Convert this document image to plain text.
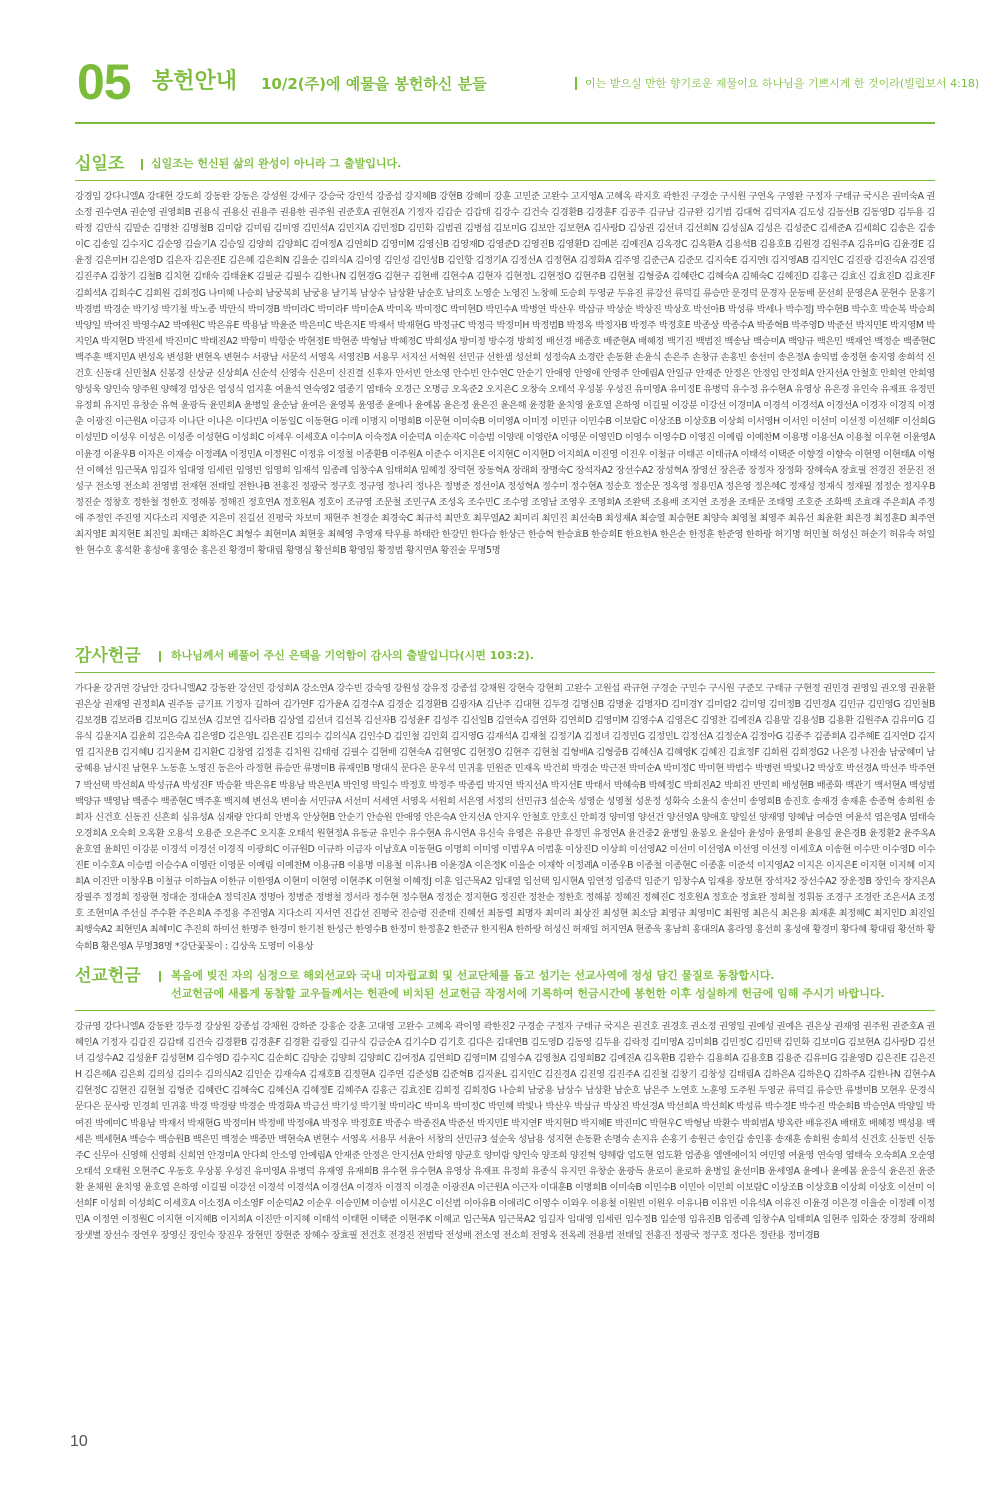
05 봉헌안내 10/2(주)에 예물을 봉헌하신 분들	이는 받으실 만한 향기로운 제물이요 하나님을 기쁘시게 한 것이라(빌립보서 4:18)
십일조 십일조는 헌신된 삶의 완성이 아니라 그 출발입니다.
강경임 강다니엘A 강대현 강도희 강동완 강동은 강성원 강세구 강승국 강인석 강종섭 강지혜B 강현B 강혜미 강훈 고민준 고완수 고지영A 고혜옥 곽지호 곽한진 구경순 구시원 구연옥 구영완 구정자 구태규 국시은 권미숙A 권소정 권수연A 권순영 권영희B 권용식 권용신 권용주 권용한 권주원 권준호A 권현진A 기정자 김갑순 김갑태 김강수 김건숙 김경환B 김경훈F 김공주 김규남 김규완 김기범 김대혁 김덕자A 김도성 김동선B 김동영D 김두용 김락정 김만식 김말순 김명찬 김명철B 김미람 김미림 김미영 김민석A 김민지A 김민정D 김민화 김범권 김병섭 김보미G 김보안 김보현A 김사랑D 김상권 김선녀 김선희N 김성실A 김성은 김성준C 김세준A 김세희C 김송은 김송이C 김송일 김수지C 김순영 김슬기A 김승일 김양희 김양희C 김여정A 김연희D 김영미M 김영신B 김영재D 김영준D 김영진B 김영환D 김예본 김예진A 김옥경C 김옥환A 김용석B 김용호B 김원경 김원주A 김유미G 김윤경E 김윤정 김은미H 김은영D 김은자 김은진E 김은혜 김은희N 김을순 김의식A 김이영 김인성 김인성B 김인항 김정기A 김정선A 김정현A 김정화A 김주영 김준근A 김준모 김지숙E 김지연I 김지영AB 김지인C 김진광 김진숙A 김진영 김진주A 김창기 김철B 김치현 김태숙 김태윤K 김필균 김필수 김한나N 김현경G 김현구 김현배 김현수A 김현자 김현정L 김현정O 김현주B 김현철 김형중A 김혜란C 김혜숙A 김혜숙C 김혜진D 김홍근 김효신 김효진D 김효진F 김희석A 김희수C 김희원 김희정G 나미혜 나승희 남궁복희 남궁용 남기복 남상수 남상환 남순호 남의호 노영순 노영진 노창혜 도승희 두영균 두유진 류강선 류덕길 류승만 문경덕 문경자 문동배 문선희 문영은A 문현수 문홍기 박경범 박경순 박기성 박기철 박노종 박만식 박미경B 박미라C 박미라F 박미순A 박미옥 박미정C 박미현D 박민수A 박병연 박산우 박삼규 박상순 박상진 박상호 박선아B 박성류 박세나 박수정J 박수현B 박수호 박순복 박승희 박양일 박여진 박영수A2 박예원C 박은유E 박용남 박윤준 박은미C 박은지E 박재서 박재현G 박정규C 박정극 박정미H 박정범B 박정옥 박정자B 박정주 박정호E 박종상 박종수A 박종혁B 박주영D 박준선 박지민E 박지영M 박지인A 박지현D 박진세 박진미C 박태진A2 박항미 박항순 박현정E 박현종 박형남 박혜정C 박희성A 방미정 방수경 방희정 배선경 배종호 배준현A 배혜정 백기진 백범진 백송남 백승미A 백양규 백은민 백재언 백정순 백종현C 백주훈 백지민A 변성옥 변성환 변현옥 변현수 서광남 서문석 서영옥 서영진B 서용무 서지선 서혁원 선민규 선한샘 성선희 성정숙A 소경란 손동환 손윤식 손은주 손창규 손홍빈 송선미 송은정A 송익범 송정현 송지영 송희석 신건호 신동대 신민철A 신봉경 신상균 신상희A 신순석 신영숙 신은미 신진결 신후자 안서빈 안소영 안수빈 안수연C 안순기 안애영 안영애 안영주 안예림A 안일규 안재준 안정은 안정임 안정희A 안지선A 안철호 안희연 안희영 양성욱 양인숙 양주원 양해경 엄상은 엄성식 엄지훈 여윤석 연숙영2 염종기 염태숙 오경근 오명금 오옥준2 오지은C 오창숙 오태석 우성봉 우성진 유미영A 유미정E 유병덕 유수정 유수현A 유영상 유은경 유인숙 유재표 유정민 유정희 유지민 유창순 유혁 윤광득 윤민희A 윤병일 윤순남 윤여은 윤영복 윤영종 윤예나 윤예봄 윤은정 윤은진 윤은해 윤정환 윤치영 윤호열 은하영 이길필 이강분 이강선 이경미A 이경석 이경석A 이경선A 이경자 이경직 이경춘 이광진 이근원A 이금자 이나단 이나은 이다빈A 이동일C 이동현G 이레 이명지 이명희B 이문현 이미숙B 이미영A 이미정 이민규 이민수B 이보람C 이상조B 이상호B 이상희 이서영H 이서인 이선미 이선정 이선해F 이선희G 이성민D 이성우 이성은 이성종 이성현G 이성희C 이세우 이세호A 이수미A 이숙정A 이순덕A 이순자C 이승범 이양래 이영란A 이영문 이영민D 이영수 이영수D 이영진 이예림 이예찬M 이용명 이용선A 이용철 이우현 이윤영A 이윤경 이윤우B 이자은 이재승 이정례A 이정민A 이정원C 이정유 이정철 이종환B 이주원A 이준수 이지은E 이지현C 이지현D 이지희A 이진영 이진우 이철규 이태곤 이태규A 이태석 이택준 이향경 이향숙 이현영 이현태A 이형선 이혜선 임근묵A 임길자 임대영 임세린 임영빈 임영희 임재석 임종례 임창수A 임태희A 임혜정 장덕현 장동혁A 장래희 장명숙C 장석자A2 장선수A2 장성혁A 장영선 장은종 장정자 장정화 장혜숙A 장효필 전경진 전문진 전성구 전소영 전소희 전영범 전재현 전태일 전한나B 전홍진 정광국 정구호 정규영 정나리 정나은 정병준 정선이A 정성혁A 정수미 정수현A 정순호 정순문 정옥영 정용민A 정은영 정은혜C 정재성 정재식 정재필 정정순 정지우B 정진순 정창호 정한철 정한호 정해봉 정해진 정호연A 정호원A 정호이 조규영 조문철 조민구A 조성옥 조수민C 조수영 조영남 조영우 조영희A 조완택 조용배 조지연 조정윤 조태문 조태영 조호준 조화백 조효래 주은희A 주정애 주정인 주진영 지다소리 지영준 지은미 진길선 진평국 차보미 채현주 천경순 최경숙C 최규석 최만호 최무열A2 최미리 최민진 최선숙B 최성재A 최승열 최승현E 최양숙 최영철 최영주 최유선 최윤환 최은경 최정훈D 최주연 최지영E 최지현E 최진일 최태근 최하은C 최형수 최현미A 최현웅 최혜영 추영재 탁우룡 하태란 한강민 한다슴 한상근 한승혁 한승효B 한승희E 한요한A 한은순 한정훈 한준영 한하랑 허기명 허민철 허성신 허순기 허유숙 허일한 현수호 홍석환 홍성애 홍영순 홍은진 황경미 황대림 황명심 황선희B 황영임 황정범 황지연A 황진술 무명5명
감사헌금	하나님께서 베풀어 주신 은택을 기억함이 감사의 출발입니다(시편 103:2).
가다윤 강귀연 강남안 강다니엘A2 강동완 강선민 강성희A 강소연A 강수빈 강숙영 강원성 강유정 강종섭 강채원 강현숙 강현희 고완수 고원섭 곽규현 구경순 구민수 구시원 구준모 구태규 구현정 권민경 권영일 권오영 권윤환 권은상 권재영 권정희A 권주동 금기표 기정자 길하여 김가연F 김가윤A 김경수A 김경순 김경환B 김광자A 김난주 김대현 김두경 김명신B 김명윤 김명자D 김미경Y 김미람2 김미영 김미정B 김민경A 김민규 김민영G 김민철B 김보경B 김보라B 김보미G 김보선A 김보연 김사라B 김상열 김선녀 김선복 김선자B 김성윤F 김성주 김신일B 김연숙A 김연화 김연희D 김영미M 김영수A 김영은C 김영찬 김예진A 김용말 김용성B 김용환 김원주A 김유미G 김유식 김윤지A 김윤희 김은숙A 김은영D 김은영L 김은진E 김의수 김의식A 김인수D 김인철 김인회 김지영G 김재석A 김재철 김정기A 김정녀 김정민G 김정민L 김정선A 김정순A 김정아G 김종주 김종희A 김주혜E 김지연D 김지엽 김지운B 김지혜U 김지윤M 김지환C 김창엽 김정훈 김치원 김태령 김필수 김현배 김현숙A 김현영C 김현정O 김현주 김현철 김형배A 김형중B 김혜신A 김혜영K 김혜진 김효정F 김희원 김희정G2 나은정 나진솔 남궁혜미 남궁혜용 남시진 남현우 노동훈 노영진 동은아 라정현 류승만 류명미B 류재민B 명대식 문다은 문우석 민귀홍 민원준 민재옥 박건희 박경순 박근전 박미순A 박미정C 박미현 박범수 박병련 박빛나2 박상호 박선경A 박선주 박주연7 박선택 박선희A 박성규A 박성진F 박승환 박은유E 박용남 박은빈A 박인영 박일수 박정호 박정주 박종립 박지연 박지선A 박지선E 박태서 박혜숙B 박혜정C 박희진A2 박희진 반민희 배성현B 배종화 백관기 백서현A 백성범 백양규 백영남 백종수 백종현C 백주훈 백지혜 변선옥 변이솔 서민규A 서선미 서세연 서영옥 서원희 서은영 서정의 선민규3 설순욱 성영순 성영철 성운정 성화숙 소윤식 송선미 송영희B 송진호 송재경 송재훈 송종혁 송희원 송희자 신건호 신동진 신흔희 심유성A 심재량 안다희 안병옥 안상현B 안순기 안승원 안애영 안은숙A 안지선A 안지우 안철호 안호신 안희경 양미영 양선건 양선영A 양애호 양일선 양재영 양혜남 여승연 여윤석 염은영A 염태숙 오경희A 오숙희 오옥환 오용석 오용준 오은주C 오지훈 오태석 원현정A 유동균 유민수 유수현A 유시연A 유신숙 유영은 유용만 유정민 유정연A 윤건중2 윤병일 윤봉오 윤설아 윤성아 윤영희 윤용일 윤은경B 윤정환2 윤주옥A 윤호열 윤희민 이강분 이경석 이경선 이경직 이광희C 이규원D 이규하 이금자 이남호A 이동현G 이명희 이미영 이범우A 이범훈 이상진D 이상희 이선영A2 이선미 이선영A 이선영 이선정 이세호A 이송현 이수만 이수영D 이수진E 이수호A 이승범 이승수A 이영란 이영문 이예림 이예찬M 이용규B 이용명 이용철 이유나B 이윤경A 이은정K 이을순 이재학 이정례A 이종우B 이종철 이종현C 이종훈 이준석 이지영A2 이지은 이지은E 이지현 이지혜 이지희A 이진만 이창우B 이철규 이하늘A 이한규 이한영A 이현미 이현영 이현주K 이현철 이혜정J 이훈 임근묵A2 임대열 임선택 임시현A 임연정 임종덕 임준기 임창수A 임재용 장보현 장석자2 장선수A2 장운정B 장인숙 장지은A 장필주 정경희 정광현 정대순 정대순A 정덕진A 정명아 정병준 정병철 정서라 정수현 정수현A 정정순 정지현G 정진란 정찬순 정한호 정해봉 정혜진 정혜진C 정호원A 정호순 정효완 정희철 정휘동 조경구 조경란 조은서A 조정호 조현미A 주선실 주수환 주은희A 주정용 주진영A 지다소리 지서연 진갑선 진평국 진승령 진준태 진혜선 최동렬 최명자 최미리 최상진 최성현 최소담 최영규 최영미C 최원영 최은식 최은용 최재훈 최정혜C 최지인D 최진일 최행숙A2 최현민A 최혜미C 추진희 하미선 한명주 한경미 한기천 한성근 한영수B 한정미 한정훈2 한준규 한지원A 한하랑 허성신 허재일 허지연A 현종욱 홍남희 홍대의A 홍라영 홍선희 홍성애 황경미 황다혜 황대림 황선하 황숙희B 황은영A 무명38명 *강단꽃꽂이 : 김상욱 도영미 이용상
선교헌금	복음에 빚진 자의 심정으로 해외선교와 국내 미자립교회 및 선교단체를 돕고 섬기는 선교사역에 정성 담긴 물질로 동참합시다.
선교헌금에 새롭게 동참할 교우들께서는 헌관에 비치된 선교헌금 작정서에 기록하여 헌금시간에 봉헌한 이후 성실하게 헌금에 임해 주시기 바랍니다.
강규영 강다니엘A 강동완 강두경 강상원 강종섭 강채원 강하준 강홍순 강훈 고대영 고완수 고혜옥 곽이영 곽한진2 구경순 구정자 구태규 국지은 권건호 권경호 권소정 권영일 권예성 권예은 권은상 권재영 권주원 권준호A 권혜인A 기정자 김갑진 김갑태 김건숙 김경환B 김경훈F 김경환 김광일 김규식 김금순A 김기수D 김기호 김다은 김대연B 김도영D 김동영 김두용 김락정 김미영A 김미희B 김민정C 김민택 김민화 김보미G 김보현A 김사랑D 김선녀 김성수A2 김성윤F 김성현M 김수영D 김수지C 김순희C 김양순 김양희 김양희C 김여정A 김연희D 김영미M 김영수A 김영철A 김영희B2 김예진A 김옥환B 김완수 김용희A 김용호B 김용준 김유미G 김윤영D 김은진E 김은진H 김은혜A 김은희 김의성 김의수 김의식A2 김인순 김재숙A 김재호B 김정현A 김주연 김준성B 김준혁B 김지윤L 김지인C 김진경A 김진영 김진주A 김진철 김창기 김창성 김태림A 김하은A 김하은Q 김하주A 김한나N 김현수A 김현정C 김현진 김현철 김형준 김혜란C 김혜숙C 김혜신A 김혜정E 김혜주A 김홍근 김효진E 김희정 김희정G 나승희 남궁용 남상수 남상환 남순호 남은주 노연호 노훈영 도주원 두영균 류덕길 류승만 류병미B 모현우 문경식 문다은 문사랑 민경희 민귀홍 박경 박경량 박경순 박경화A 박금선 박기성 박기철 박미라C 박미옥 박미정C 박민혜 박빛나 박산우 박삼규 박상진 박선경A 박선희A 박선희K 박성류 박수경E 박수진 박순희B 박승연A 박양일 박여진 박예미C 박용남 박재서 박재현G 박정미H 박정배 박정애A 박정우 박정호E 박종수 박종진A 박준선 박지민E 박지연F 박지현D 박지혜E 박진미C 박현우C 박형남 박환수 박희범A 방옥란 배유진A 배태호 배혜정 백성용 백세은 백세현A 백승수 백승원B 백은민 백정순 백종만 백현숙A 변현수 서영옥 서용무 서윤아 서창의 선민규3 설순욱 성남용 성지현 손동환 손명숙 손지유 손홍기 송원근 송인갑 송인홍 송재훈 송희원 송희석 신건호 신동빈 신동주C 신무아 신영해 신영희 신희연 안경미A 안다희 안소영 안예림A 안재준 안정은 안지선A 안희영 양균호 양미람 양인숙 양조희 양진혁 양해람 엄도현 엄도환 엄종용 엠엔에이치 여민영 여윤영 연숙영 염태숙 오숙희A 오순영 오태석 오태원 오현주C 우동호 우상봉 우성진 유미영A 유병덕 유재영 유재희B 유수현 유수현A 유영상 유재표 유정희 유종식 유지민 유창순 윤광득 윤로이 윤로하 윤병일 윤선미B 윤세영A 윤예나 윤예봄 윤응식 윤은진 윤준환 윤채원 윤치영 윤호열 은하영 이길필 이강선 이경석 이경석A 이경선A 이경자 이경직 이경춘 이광진A 이근원A 이근자 이대훈B 이명희B 이미숙B 이민수B 이민아 이민희 이보람C 이상조B 이상호B 이상희 이상호 이선미 이선희F 이성희 이성희C 이세호A 이소정A 이소영F 이순덕A2 이순우 이승민M 이승범 이시온C 이신범 이아유B 이애리C 이영수 이와우 이용철 이원빈 이원우 이유나B 이유빈 이유석A 이유진 이윤경 이은경 이을순 이정례 이정민A 이정연 이정원C 이지현 이지혜B 이지희A 이진만 이지혜 이태석 이태현 이택준 이현주K 이혜교 임근묵A 임근묵A2 임길자 임대영 임세린 임수정B 임순영 임유진B 임종례 임창수A 임태희A 임현주 임화순 장경희 장래희 장샛별 장선수 장연우 장영신 장인숙 장진우 장현민 장현준 장혜수 장효필 전건호 전경진 전범탁 전성배 전소영 전소희 전영옥 전옥례 전용범 전태일 전홍진 정광국 정구호 정다은 정란용 정미경B
10
